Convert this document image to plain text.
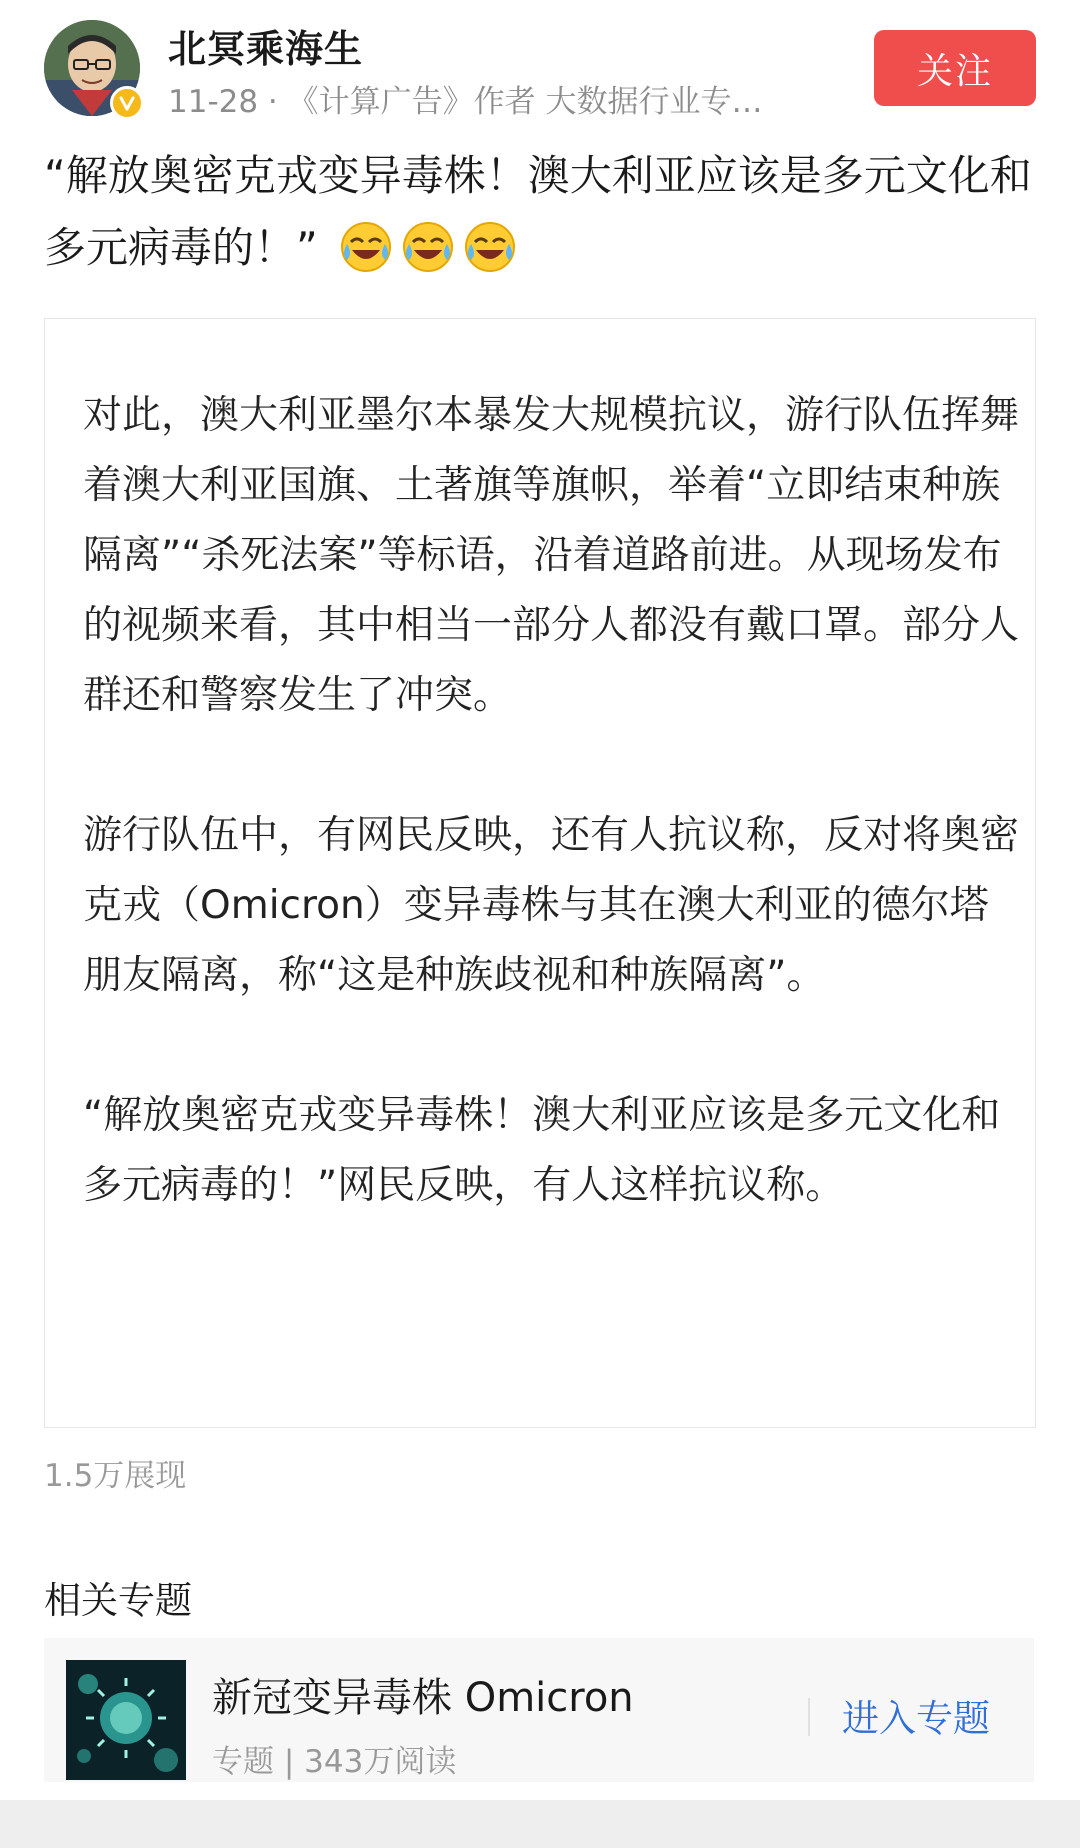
北冥乘海生
11-28 · 《计算广告》作者 大数据行业专…
关注
“解放奥密克戎变异毒株！澳大利亚应该是多元文化和多元病毒的！”

对此，澳大利亚墨尔本暴发大规模抗议，游行队伍挥舞着澳大利亚国旗、土著旗等旗帜，举着“立即结束种族隔离”“杀死法案”等标语，沿着道路前进。从现场发布的视频来看，其中相当一部分人都没有戴口罩。部分人群还和警察发生了冲突。

游行队伍中，有网民反映，还有人抗议称，反对将奥密克戎（Omicron）变异毒株与其在澳大利亚的德尔塔朋友隔离，称“这是种族歧视和种族隔离”。

“解放奥密克戎变异毒株！澳大利亚应该是多元文化和多元病毒的！”网民反映，有人这样抗议称。

1.5万展现
相关专题
新冠变异毒株 Omicron
专题 | 343万阅读
进入专题
